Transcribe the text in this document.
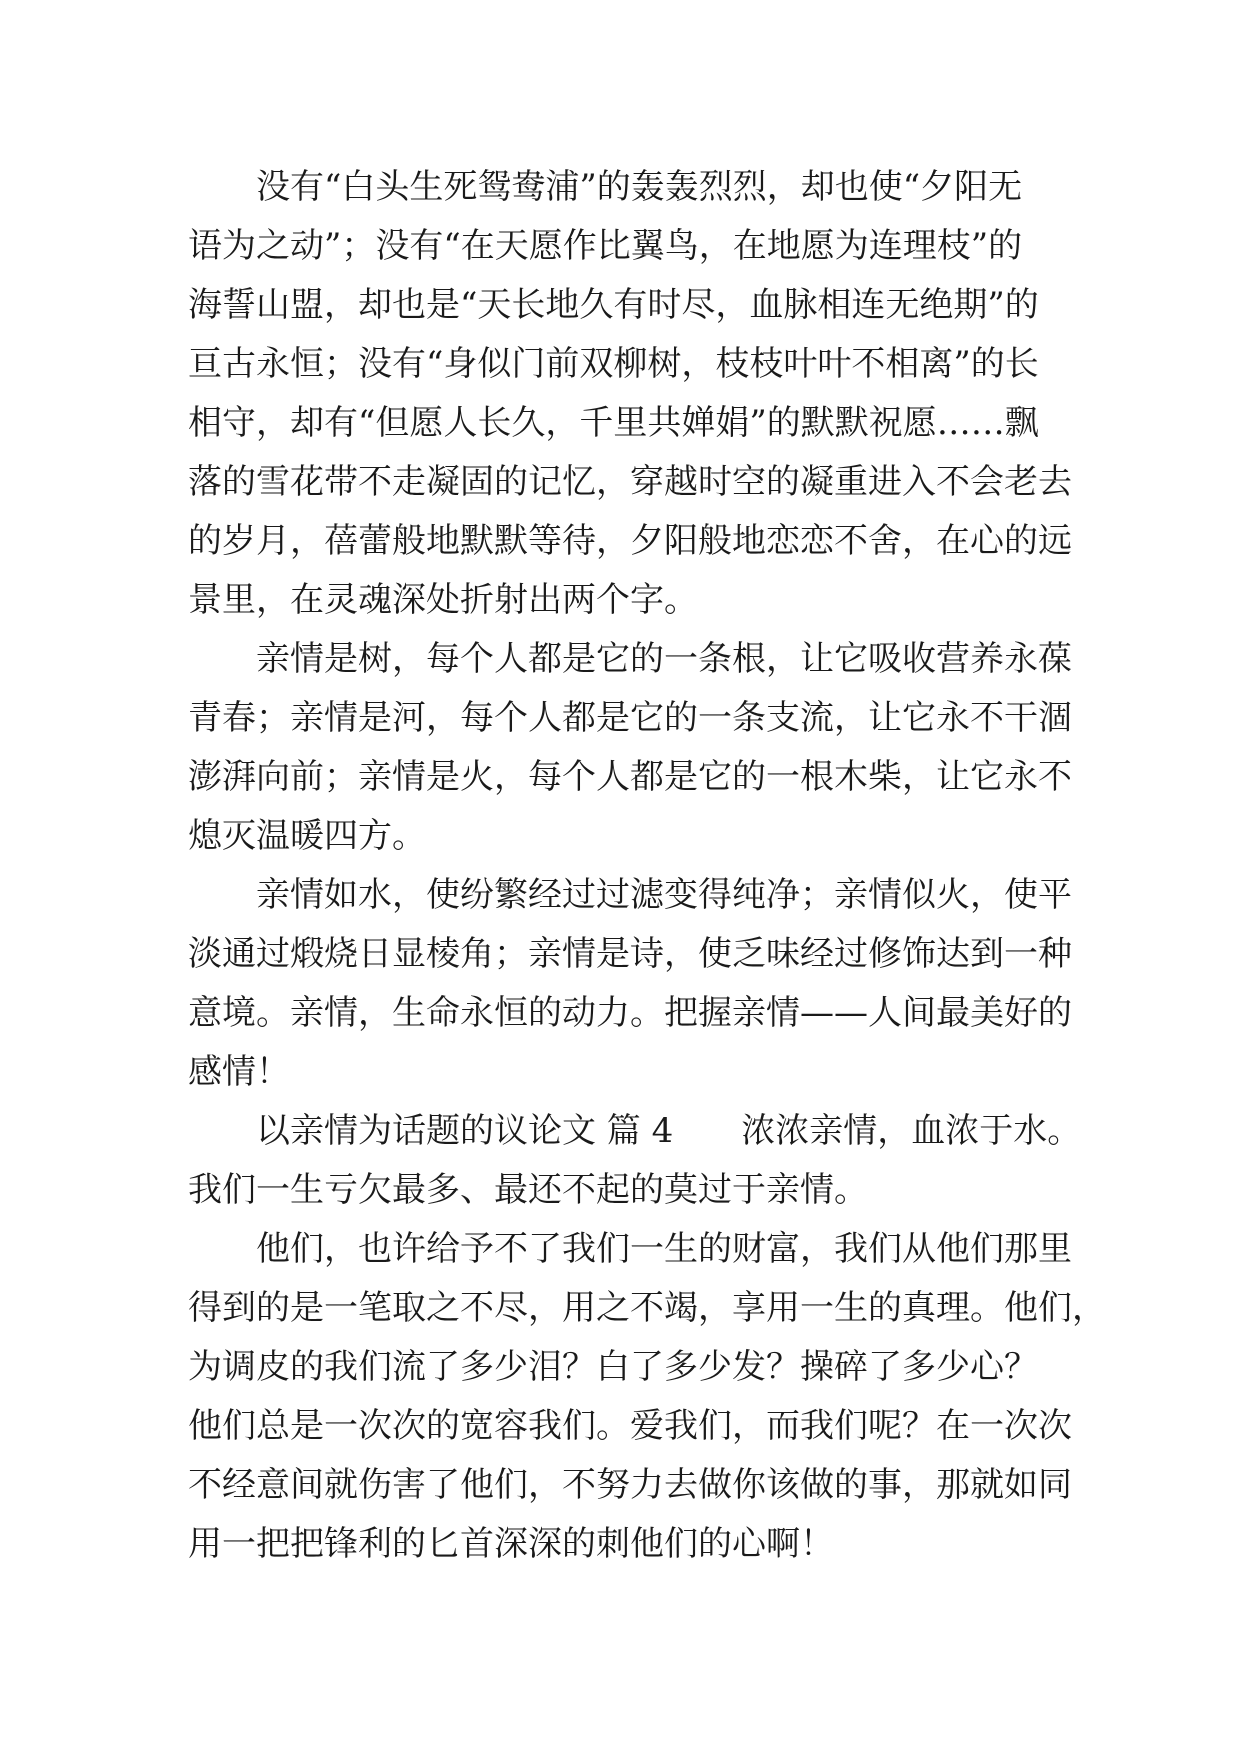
没有“白头生死鸳鸯浦”的轰轰烈烈，却也使“夕阳无
语为之动”；没有“在天愿作比翼鸟，在地愿为连理枝”的
海誓山盟，却也是“天长地久有时尽，血脉相连无绝期”的
亘古永恒；没有“身似门前双柳树，枝枝叶叶不相离”的长
相守，却有“但愿人长久，千里共婵娟”的默默祝愿……飘
落的雪花带不走凝固的记忆，穿越时空的凝重进入不会老去
的岁月，蓓蕾般地默默等待，夕阳般地恋恋不舍，在心的远
景里，在灵魂深处折射出两个字。
亲情是树，每个人都是它的一条根，让它吸收营养永葆
青春；亲情是河，每个人都是它的一条支流，让它永不干涸
澎湃向前；亲情是火，每个人都是它的一根木柴，让它永不
熄灭温暖四方。
亲情如水，使纷繁经过过滤变得纯净；亲情似火，使平
淡通过煅烧日显棱角；亲情是诗，使乏味经过修饰达到一种
意境。亲情，生命永恒的动力。把握亲情——人间最美好的
感情！
以亲情为话题的议论文 篇 4　　浓浓亲情，血浓于水。
我们一生亏欠最多、最还不起的莫过于亲情。
他们，也许给予不了我们一生的财富，我们从他们那里
得到的是一笔取之不尽，用之不竭，享用一生的真理。他们，
为调皮的我们流了多少泪？白了多少发？操碎了多少心？
他们总是一次次的宽容我们。爱我们，而我们呢？在一次次
不经意间就伤害了他们，不努力去做你该做的事，那就如同
用一把把锋利的匕首深深的刺他们的心啊！
